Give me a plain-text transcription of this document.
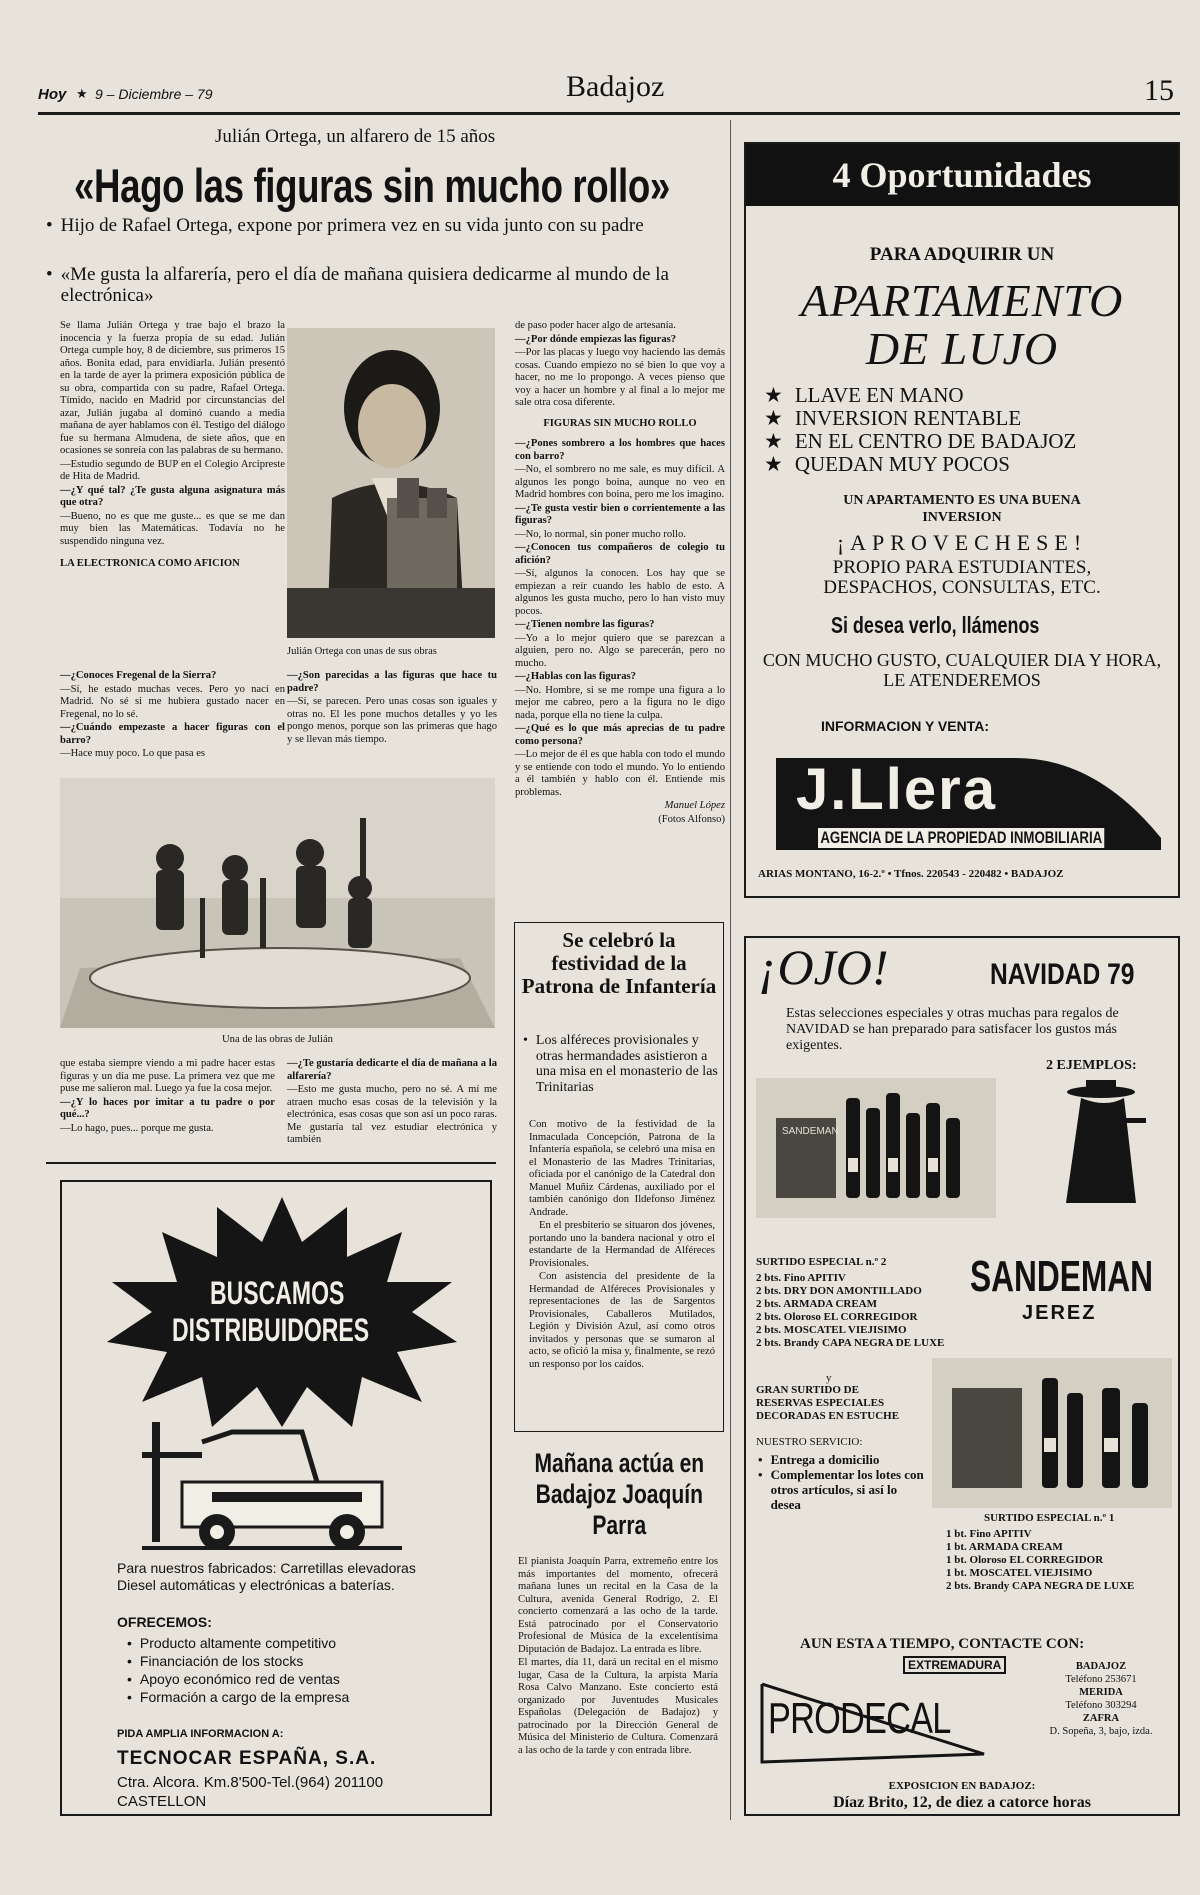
Hoy ★ 9 – Diciembre – 79	Badajoz	15
Julián Ortega, un alfarero de 15 años
«Hago las figuras sin mucho rollo»
• Hijo de Rafael Ortega, expone por primera vez en su vida junto con su padre
• «Me gusta la alfarería, pero el día de mañana quisiera dedicarme al mundo de la electrónica»

Se llama Julián Ortega y trae bajo el brazo la inocencia y la fuerza propia de su edad. Julián Ortega cumple hoy, 8 de diciembre, sus primeros 15 años. Bonita edad, para envidiarla. Julián presentó en la tarde de ayer la primera exposición pública de su obra, compartida con su padre, Rafael Ortega. Tímido, nacido en Madrid por circunstancias del azar, Julián jugaba al dominó cuando a media mañana de ayer hablamos con él. Testigo del diálogo fue su hermana Almudena, de siete años, que en ocasiones se sonreía con las palabras de su hermano.

—Estudio segundo de BUP en el Colegio Arcipreste de Hita de Madrid.

—¿Y qué tal? ¿Te gusta alguna asignatura más que otra?

—Bueno, no es que me guste... es que se me dan muy bien las Matemáticas. Todavía no he suspendido ninguna vez.

LA ELECTRONICA COMO AFICION

Julián Ortega con unas de sus obras

—¿Conoces Fregenal de la Sierra?

—Sí, he estado muchas veces. Pero yo nací en Madrid. No sé si me hubiera gustado nacer en Fregenal, no lo sé.

—¿Cuándo empezaste a hacer figuras con el barro?

—Hace muy poco. Lo que pasa es

—¿Son parecidas a las figuras que hace tu padre?

—Sí, se parecen. Pero unas cosas son iguales y otras no. El les pone muchos detalles y yo les pongo menos, porque son las primeras que hago y se llevan más tiempo.

de paso poder hacer algo de artesanía.

—¿Por dónde empiezas las figuras?

—Por las placas y luego voy haciendo las demás cosas. Cuando empiezo no sé bien lo que voy a hacer, no me lo propongo. A veces pienso que voy a hacer un hombre y al final a lo mejor me sale otra cosa diferente.

FIGURAS SIN MUCHO ROLLO

—¿Pones sombrero a los hombres que haces con barro?

—No, el sombrero no me sale, es muy difícil. A algunos les pongo boina, aunque no veo en Madrid hombres con boina, pero me los imagino.

—¿Te gusta vestir bien o corrientemente a las figuras?

—No, lo normal, sin poner mucho rollo.

—¿Conocen tus compañeros de colegio tu afición?

—Sí, algunos la conocen. Los hay que se empiezan a reír cuando les hablo de esto. A algunos les gusta mucho, pero lo han visto muy pocos.

—¿Tienen nombre las figuras?

—Yo a lo mejor quiero que se parezcan a alguien, pero no. Algo se parecerán, pero no mucho.

—¿Hablas con las figuras?

—No. Hombre, si se me rompe una figura a lo mejor me cabreo, pero a la figura no le digo nada, porque ella no tiene la culpa.

—¿Qué es lo que más aprecias de tu padre como persona?

—Lo mejor de él es que habla con todo el mundo y se entiende con todo el mundo. Yo lo entiendo a él también y hablo con él. Entiende mis problemas.

Manuel López

(Fotos Alfonso)

Una de las obras de Julián

que estaba siempre viendo a mi padre hacer estas figuras y un día me puse. La primera vez que me puse me salieron mal. Luego ya fue la cosa mejor.

—¿Y lo haces por imitar a tu padre o por qué...?

—Lo hago, pues... porque me gusta.

—¿Te gustaría dedicarte el día de mañana a la alfarería?

—Esto me gusta mucho, pero no sé. A mí me atraen mucho esas cosas de la televisión y la electrónica, esas cosas que son así un poco raras. Me gustaría tal vez estudiar electrónica y también

4 Oportunidades
PARA ADQUIRIR UN
APARTAMENTO
DE LUJO
★ LLAVE EN MANO
★ INVERSION RENTABLE
★ EN EL CENTRO DE BADAJOZ
★ QUEDAN MUY POCOS
UN APARTAMENTO ES UNA BUENA INVERSION
¡APROVECHESE!
PROPIO PARA ESTUDIANTES, DESPACHOS, CONSULTAS, ETC.
Si desea verlo, llámenos
CON MUCHO GUSTO, CUALQUIER DIA Y HORA, LE ATENDEREMOS
INFORMACION Y VENTA:
J.Llera
AGENCIA DE LA PROPIEDAD INMOBILIARIA
ARIAS MONTANO, 16-2.º • Tfnos. 220543 - 220482 • BADAJOZ
Se celebró la festividad de la Patrona de Infantería
• Los alféreces provisionales y otras hermandades asistieron a una misa en el monasterio de las Trinitarias

Con motivo de la festividad de la Inmaculada Concepción, Patrona de la Infantería española, se celebró una misa en el Monasterio de las Madres Trinitarias, oficiada por el canónigo de la Catedral don Manuel Muñiz Cárdenas, auxiliado por el también canónigo don Ildefonso Jiménez Andrade.

En el presbiterio se situaron dos jóvenes, portando uno la bandera nacional y otro el estandarte de la Hermandad de Alféreces Provisionales.

Con asistencia del presidente de la Hermandad de Alféreces Provisionales y representaciones de las de Sargentos Provisionales, Caballeros Mutilados, Legión y División Azul, así como otros invitados y personas que se sumaron al acto, se ofició la misa y, finalmente, se rezó un responso por los caídos.

Mañana actúa en Badajoz Joaquín Parra

El pianista Joaquín Parra, extremeño entre los más importantes del momento, ofrecerá mañana lunes un recital en la Casa de la Cultura, avenida General Rodrigo, 2. El concierto comenzará a las ocho de la tarde. Está patrocinado por el Conservatorio Profesional de Música de la excelentísima Diputación de Badajoz. La entrada es libre.

El martes, día 11, dará un recital en el mismo lugar, Casa de la Cultura, la arpista María Rosa Calvo Manzano. Este concierto está organizado por Juventudes Musicales Españolas (Delegación de Badajoz) y patrocinado por la Dirección General de Música del Ministerio de Cultura. Comenzará a las ocho de la tarde y con entrada libre.

BUSCAMOS
DISTRIBUIDORES
Para nuestros fabricados: Carretillas elevadoras Diesel automáticas y electrónicas a baterías.
OFRECEMOS:
• Producto altamente competitivo
• Financiación de los stocks
• Apoyo económico red de ventas
• Formación a cargo de la empresa
PIDA AMPLIA INFORMACION A:
TECNOCAR ESPAÑA, S.A.
Ctra. Alcora. Km.8'500-Tel.(964) 201100
CASTELLON
¡OJO!	NAVIDAD 79
Estas selecciones especiales y otras muchas para regalos de NAVIDAD se han preparado para satisfacer los gustos más exigentes.
2 EJEMPLOS:
SANDEMAN
SURTIDO ESPECIAL n.º 2
2 bts. Fino APITIV
2 bts. DRY DON AMONTILLADO
2 bts. ARMADA CREAM
2 bts. Oloroso EL CORREGIDOR
2 bts. MOSCATEL VIEJISIMO
2 bts. Brandy CAPA NEGRA DE LUXE
SANDEMAN
JEREZ
y
GRAN SURTIDO DE RESERVAS ESPECIALES DECORADAS EN ESTUCHE
NUESTRO SERVICIO:
• Entrega a domicilio
• Complementar los lotes con otros artículos, si así lo desea
SURTIDO ESPECIAL n.º 1
1 bt. Fino APITIV
1 bt. ARMADA CREAM
1 bt. Oloroso EL CORREGIDOR
1 bt. MOSCATEL VIEJISIMO
2 bts. Brandy CAPA NEGRA DE LUXE
AUN ESTA A TIEMPO, CONTACTE CON:
EXTREMADURA
PRODECAL
BADAJOZ
Teléfono 253671
MERIDA
Teléfono 303294
ZAFRA
D. Sopeña, 3, bajo, izda.
EXPOSICION EN BADAJOZ:
Díaz Brito, 12, de diez a catorce horas
